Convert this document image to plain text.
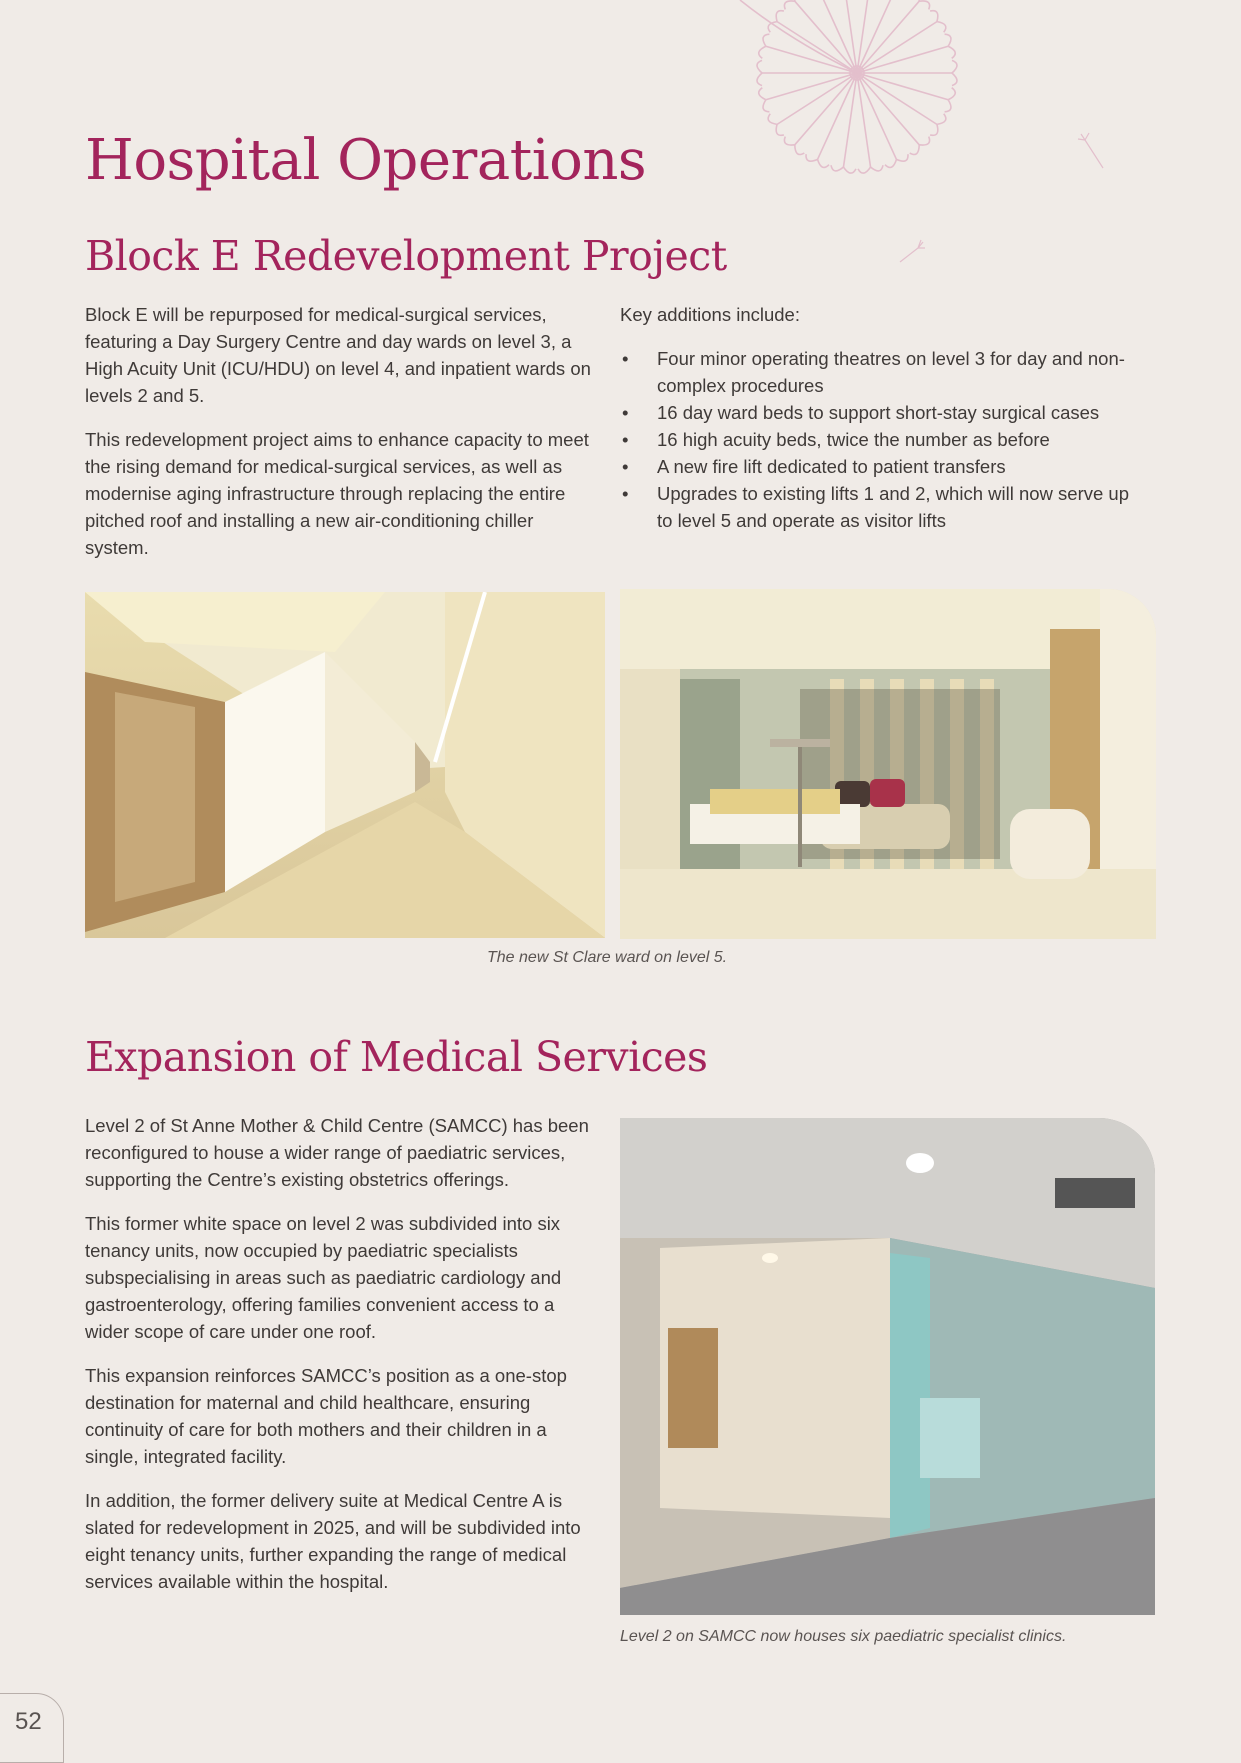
Hospital Operations
Block E Redevelopment Project

Block E will be repurposed for medical-surgical services, featuring a Day Surgery Centre and day wards on level 3, a High Acuity Unit (ICU/HDU) on level 4, and inpatient wards on levels 2 and 5.

This redevelopment project aims to enhance capacity to meet the rising demand for medical-surgical services, as well as modernise aging infrastructure through replacing the entire pitched roof and installing a new air-conditioning chiller system.

Key additions include:

• Four minor operating theatres on level 3 for day and non-complex procedures
• 16 day ward beds to support short-stay surgical cases
• 16 high acuity beds, twice the number as before
• A new fire lift dedicated to patient transfers
• Upgrades to existing lifts 1 and 2, which will now serve up to level 5 and operate as visitor lifts
The new St Clare ward on level 5.
Expansion of Medical Services

Level 2 of St Anne Mother & Child Centre (SAMCC) has been reconfigured to house a wider range of paediatric services, supporting the Centre’s existing obstetrics offerings.

This former white space on level 2 was subdivided into six tenancy units, now occupied by paediatric specialists subspecialising in areas such as paediatric cardiology and gastroenterology, offering families convenient access to a wider scope of care under one roof.

This expansion reinforces SAMCC’s position as a one-stop destination for maternal and child healthcare, ensuring continuity of care for both mothers and their children in a single, integrated facility.

In addition, the former delivery suite at Medical Centre A is slated for redevelopment in 2025, and will be subdivided into eight tenancy units, further expanding the range of medical services available within the hospital.

Level 2 on SAMCC now houses six paediatric specialist clinics.
52
